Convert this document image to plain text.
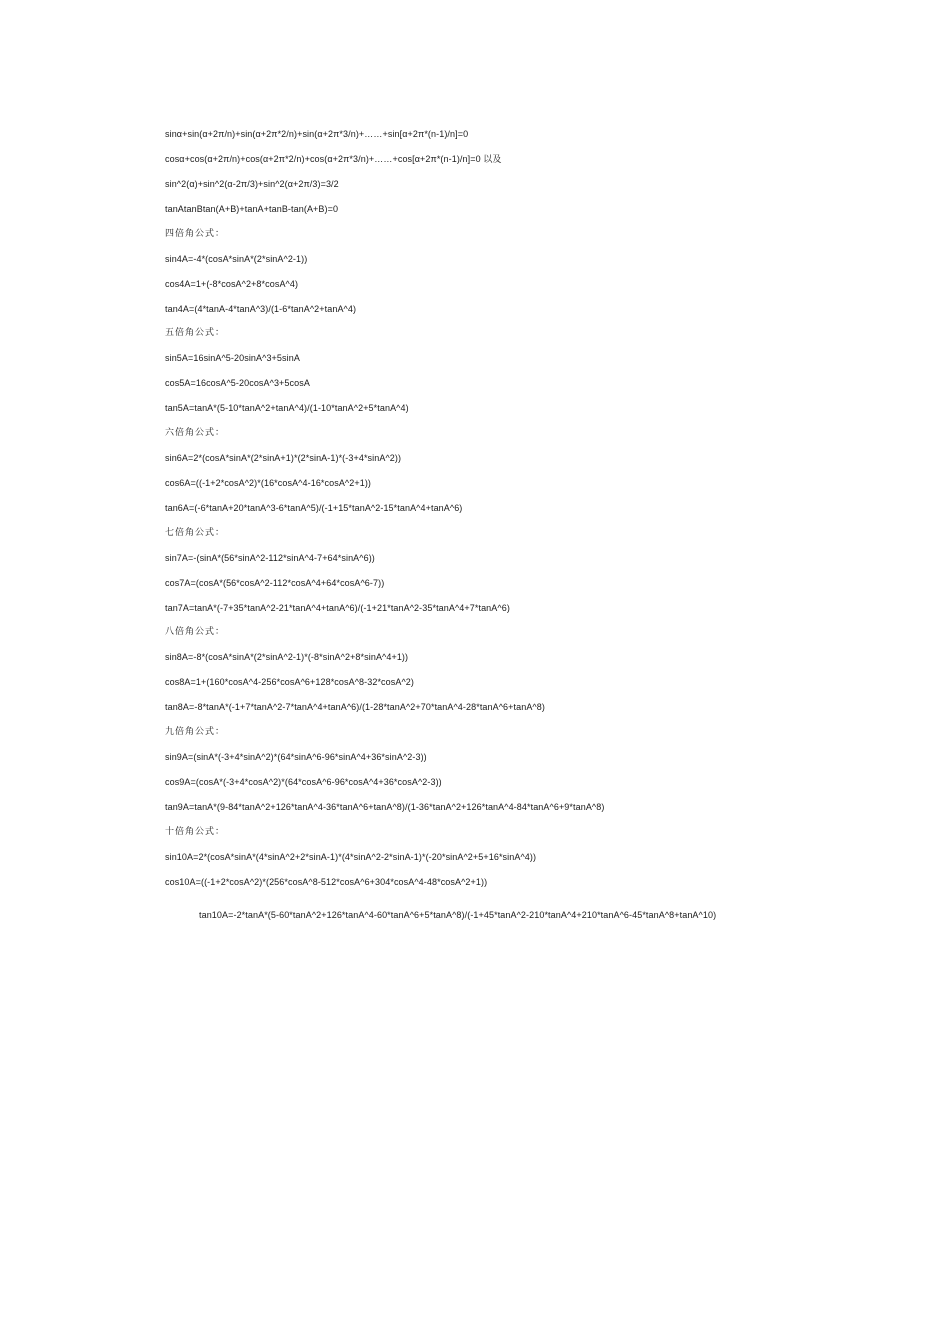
sinα+sin(α+2π/n)+sin(α+2π*2/n)+sin(α+2π*3/n)+……+sin[α+2π*(n-1)/n]=0
cosα+cos(α+2π/n)+cos(α+2π*2/n)+cos(α+2π*3/n)+……+cos[α+2π*(n-1)/n]=0 以及
sin^2(α)+sin^2(α-2π/3)+sin^2(α+2π/3)=3/2
tanAtanBtan(A+B)+tanA+tanB-tan(A+B)=0
四倍角公式：
sin4A=-4*(cosA*sinA*(2*sinA^2-1))
cos4A=1+(-8*cosA^2+8*cosA^4)
tan4A=(4*tanA-4*tanA^3)/(1-6*tanA^2+tanA^4)
五倍角公式：
sin5A=16sinA^5-20sinA^3+5sinA
cos5A=16cosA^5-20cosA^3+5cosA
tan5A=tanA*(5-10*tanA^2+tanA^4)/(1-10*tanA^2+5*tanA^4)
六倍角公式：
sin6A=2*(cosA*sinA*(2*sinA+1)*(2*sinA-1)*(-3+4*sinA^2))
cos6A=((-1+2*cosA^2)*(16*cosA^4-16*cosA^2+1))
tan6A=(-6*tanA+20*tanA^3-6*tanA^5)/(-1+15*tanA^2-15*tanA^4+tanA^6)
七倍角公式：
sin7A=-(sinA*(56*sinA^2-112*sinA^4-7+64*sinA^6))
cos7A=(cosA*(56*cosA^2-112*cosA^4+64*cosA^6-7))
tan7A=tanA*(-7+35*tanA^2-21*tanA^4+tanA^6)/(-1+21*tanA^2-35*tanA^4+7*tanA^6)
八倍角公式：
sin8A=-8*(cosA*sinA*(2*sinA^2-1)*(-8*sinA^2+8*sinA^4+1))
cos8A=1+(160*cosA^4-256*cosA^6+128*cosA^8-32*cosA^2)
tan8A=-8*tanA*(-1+7*tanA^2-7*tanA^4+tanA^6)/(1-28*tanA^2+70*tanA^4-28*tanA^6+tanA^8)
九倍角公式：
sin9A=(sinA*(-3+4*sinA^2)*(64*sinA^6-96*sinA^4+36*sinA^2-3))
cos9A=(cosA*(-3+4*cosA^2)*(64*cosA^6-96*cosA^4+36*cosA^2-3))
tan9A=tanA*(9-84*tanA^2+126*tanA^4-36*tanA^6+tanA^8)/(1-36*tanA^2+126*tanA^4-84*tanA^6+9*tanA^8)
十倍角公式：
sin10A=2*(cosA*sinA*(4*sinA^2+2*sinA-1)*(4*sinA^2-2*sinA-1)*(-20*sinA^2+5+16*sinA^4))
cos10A=((-1+2*cosA^2)*(256*cosA^8-512*cosA^6+304*cosA^4-48*cosA^2+1))
tan10A=-2*tanA*(5-60*tanA^2+126*tanA^4-60*tanA^6+5*tanA^8)/(-1+45*tanA^2-210*tanA^4+210*tanA^6-45*tanA^8+tanA^10)
